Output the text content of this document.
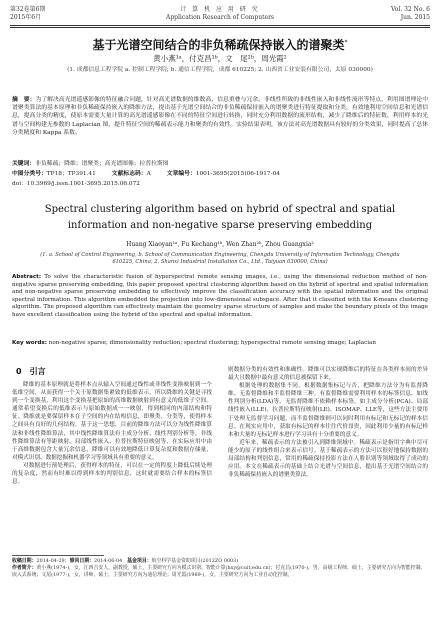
第32卷第6期
2015年6月
计 算 机 应 用 研 究
Application Research of Computers
Vol. 32 No. 6
Jun. 2015
基于光谱空间结合的非负稀疏保持嵌入的谱聚类*
黄小燕¹ᵃ，付克昌¹ᵇ，文　尾²ᵇ，周光霞²
(1. 成都信息工程学院 a. 控制工程学院; b. 通信工程学院，成都 610225; 2. 山西省工业安装有限公司，太原 030000)
摘　要：为了解决高光谱遥感影像的特征融合问题，针对高光谱数据的维数高、信息重叠与冗余、非线性所致的非线性嵌入和非线性流形等特点，利用图谱理论中谱聚类算法的基本原理和非负稀疏保持嵌入的降维方法，提出基于光谱空间结合的非负稀疏保持嵌入的谱聚类进行特征提取和分类，有效地利用空间信息和光谱信息，提高分类的精度，使原本需要大量计算的高光谱遥感影像在不同的特征空间进行转换，同时充分利用数据的流形结构，减少了降维后的特征数，利用样本的光谱与空间构建无参数的 Laplacian 图，提升特征空间的稀疏表示能力和聚类的有效性。实验结果表明，该方法对高光谱数据具有较好的分类效果，同时提高了总体分类精度和 Kappa 系数。
关键词：非负稀疏；降维；谱聚类；高光谱图像；拉普拉斯图
中图分类号：TP18；TP391.41	文献标志码：A	文章编号：1001-3695(2015)06-1917-04
doi：10.3969/j.issn.1001-3695.2015.06.072
Spectral clustering algorithm based on hybrid of spectral and spatial information and non-negative sparse preserving embedding
Huang Xiaoyan¹ᵃ, Fu Kechang¹ᵇ, Wen Zhan²ᵇ, Zhou Guangxia²
(1. a. School of Control Engineering, b. School of Communication Engineering, Chengdu University of Information Technology, Chengdu 610225, China; 2. Shanxi Industrial Installation Co., Ltd., Taiyuan 030000, China)
Abstract: To solve the characteristic fusion of hyperspectral remote sensing images, i.e., using the dimensional reduction method of non-negative sparse preserving embedding, this paper proposed spectral clustering algorithm based on the hybrid of spectral and spatial information and non-negative sparse preserving embedding to effectively improve the classification accuracy with the spatial information and the original spectral information. This algorithm embedded the projection into low-dimensional subspace. After that it classified with the K-means clustering algorithm. The proposed algorithm can effectively maintain the geometry sparse structure of samples and make the boundary pixels of the image have excellent classification using the hybrid of the spectral and spatial information.
Key words: non-negative sparse; dimensionality reduction; spectral clustering; hyperspectral remote sensing image; Laplacian
0　引言

降维的基本原理就是将样本点从输入空间通过线性或非线性变换映射到一个低维空间，从而获得一个关于原数据集紧致的低维表示。所以降维的关键是寻找到一个变换基，利用这个变换基把原始的高维数据映射到有意义的低维子空间。通常希望变换后的低维表示与原始数据成一一映射，得到相同的内部结构和特征。降维就是要保留样本在子空间的内在结构信息，即聚类、分类等，使得样本之间具有良好的几何结构。基于这一思想，目前的降维方法可以分为线性降维算法和非线性降维算法，其中线性降维算法有主成分分析、线性判别分析等，非线性降维算法有等距映射、局部线性嵌入、拉普拉斯特征映射等，在实际应用中由于高维数据包含大量冗余信息，降维可以有效地降低计算复杂度和数据存储量，对模式识别、数据挖掘和机器学习等领域具有重要的意义。

对数据进行预处理后，获得样本的特征，可以在一定的程度上降低后续处理的复杂度，然而有时难以得到样本的判别信息，这时就需要结合样本的标签信息。

则数据分类的有效性和准确性。降维可以实现降维后的特征在各类样本间的差异最大且数据中最有意义的信息被保留下来。

根据处理的数据集不同，根据数据集标记与否，把降维方法分为有监督降维、无监督降维和半监督降维三种。有监督降维需要利用样本的标签信息，如线性判别分析(LDA)等。无监督降维不依赖样本标签，如主成分分析(PCA)、局部线性嵌入(LLE)、拉普拉斯特征映射(LE)、ISOMAP、LLE等，这些方法主要用于处理无监督学习问题，而半监督降维则可以同时利用有标记和无标记的样本信息。在现实应用中，获取有标记的样本往往代价昂贵，因此利用少量的有标记样本和大量的无标记样本进行学习具有十分重要的意义。

近年来，稀疏表示的方法被引入到降维领域中。稀疏表示是指用字典中尽可能少的原子的线性组合来表示信号。基于稀疏表示的方法可以很好地保持数据的局部结构和判别信息，常用的稀疏保持投影方法在人脸识别等领域取得了成功的应用。本文在稀疏表示的基础上结合光谱与空间信息，提出基于光谱空间结合的非负稀疏保持嵌入的谱聚类算法。

收稿日期：2014-04-29；修回日期：2014-06-04　 基金项目：航空科学基金资助项目(2012ZO 0003)
作者简介：黄小燕(1974-)，女，江西吉安人，副教授，硕士，主要研究方向为模式识别、智能计算(hxy@cuit.edu.cn)；付克昌(1970-)，男，高级工程师，硕士，主要研究方向为智能控制、嵌入式系统；文尾(1977-)，女，讲师，硕士，主要研究方向为通信理论；周光霞(1989-)，女，主要研究方向为工业自动化控制。
